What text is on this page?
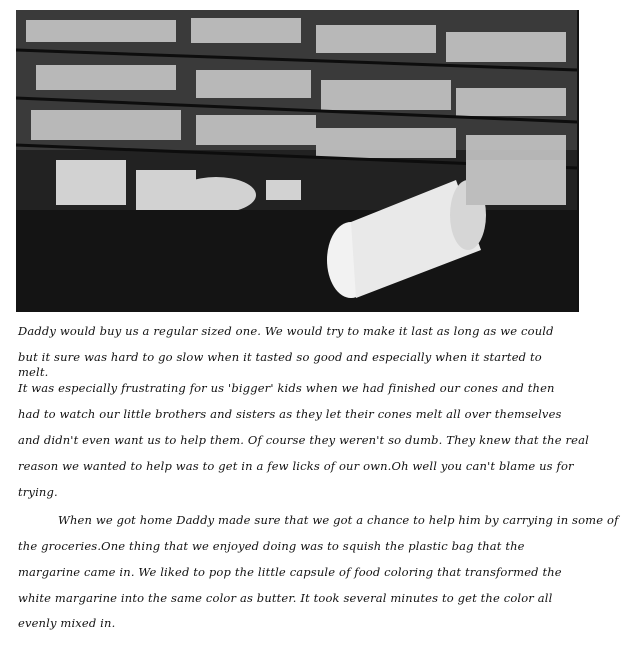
Daddy would buy us a regular sized one. We would try to make it last as long as we could
but it sure was hard to go slow when it tasted so good and especially when it started to
melt.
It was especially frustrating for us 'bigger' kids when we had finished our cones and then
had to watch our little brothers and sisters as they let their cones melt all over themselves
and didn't even want us to help them. Of course they weren't so dumb. They knew that the real
reason we wanted to help was to get in a few licks of our own.Oh well you can't blame us for
trying.
When we got home Daddy made sure that we got a chance to help him by carrying in some of
the groceries.One thing that we enjoyed doing was to squish the plastic bag that the
margarine came in. We liked to pop the little capsule of food coloring that transformed the
white margarine into the same color as butter. It took several minutes to get the color all
evenly mixed in.
